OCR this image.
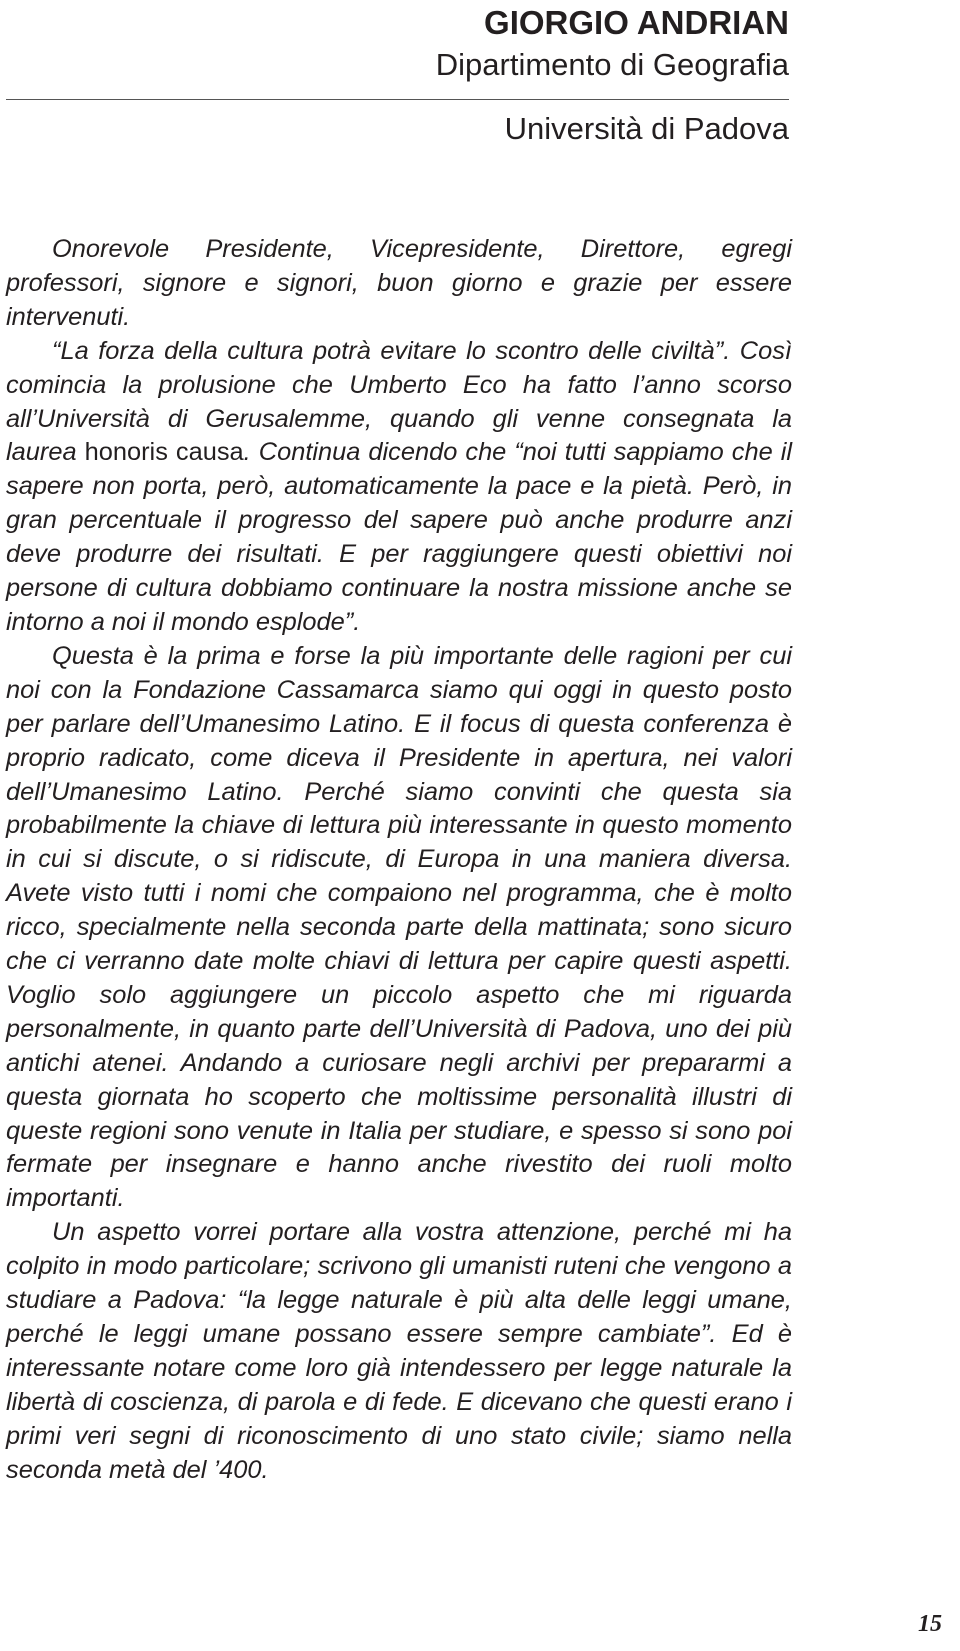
GIORGIO ANDRIAN
Dipartimento di Geografia
Università di Padova

Onorevole Presidente, Vicepresidente, Direttore, egregi professori, signore e signori, buon giorno e grazie per essere intervenuti.

“La forza della cultura potrà evitare lo scontro delle civiltà”. Così comincia la prolusione che Umberto Eco ha fatto l’anno scorso all’Università di Gerusalemme, quando gli venne consegnata la laurea honoris causa. Continua dicendo che “noi tutti sappiamo che il sapere non porta, però, automaticamente la pace e la pietà. Però, in gran percentuale il progresso del sapere può anche produrre anzi deve produrre dei risultati. E per raggiungere questi obiettivi noi persone di cultura dobbiamo continuare la nostra missione anche se intorno a noi il mondo esplode”.

Questa è la prima e forse la più importante delle ragioni per cui noi con la Fondazione Cassamarca siamo qui oggi in questo posto per parlare dell’Umanesimo Latino. E il focus di questa conferenza è proprio radicato, come diceva il Presidente in apertura, nei valori dell’Umanesimo Latino. Perché siamo convinti che questa sia probabilmente la chiave di lettura più interessante in questo momento in cui si discute, o si ridiscute, di Europa in una maniera diversa. Avete visto tutti i nomi che compaiono nel programma, che è molto ricco, specialmente nella seconda parte della mattinata; sono sicuro che ci verranno date molte chiavi di lettura per capire questi aspetti. Voglio solo aggiungere un piccolo aspetto che mi riguarda personalmente, in quanto parte dell’Università di Padova, uno dei più antichi atenei. Andando a curiosare negli archivi per prepararmi a questa giornata ho scoperto che moltissime personalità illustri di queste regioni sono venute in Italia per studiare, e spesso si sono poi fermate per insegnare e hanno anche rivestito dei ruoli molto importanti.

Un aspetto vorrei portare alla vostra attenzione, perché mi ha colpito in modo particolare; scrivono gli umanisti ruteni che vengono a studiare a Padova: “la legge naturale è più alta delle leggi umane, perché le leggi umane possano essere sempre cambiate”. Ed è interessante notare come loro già intendessero per legge naturale la libertà di coscienza, di parola e di fede. E dicevano che questi erano i primi veri segni di riconoscimento di uno stato civile; siamo nella seconda metà del ’400.

15
